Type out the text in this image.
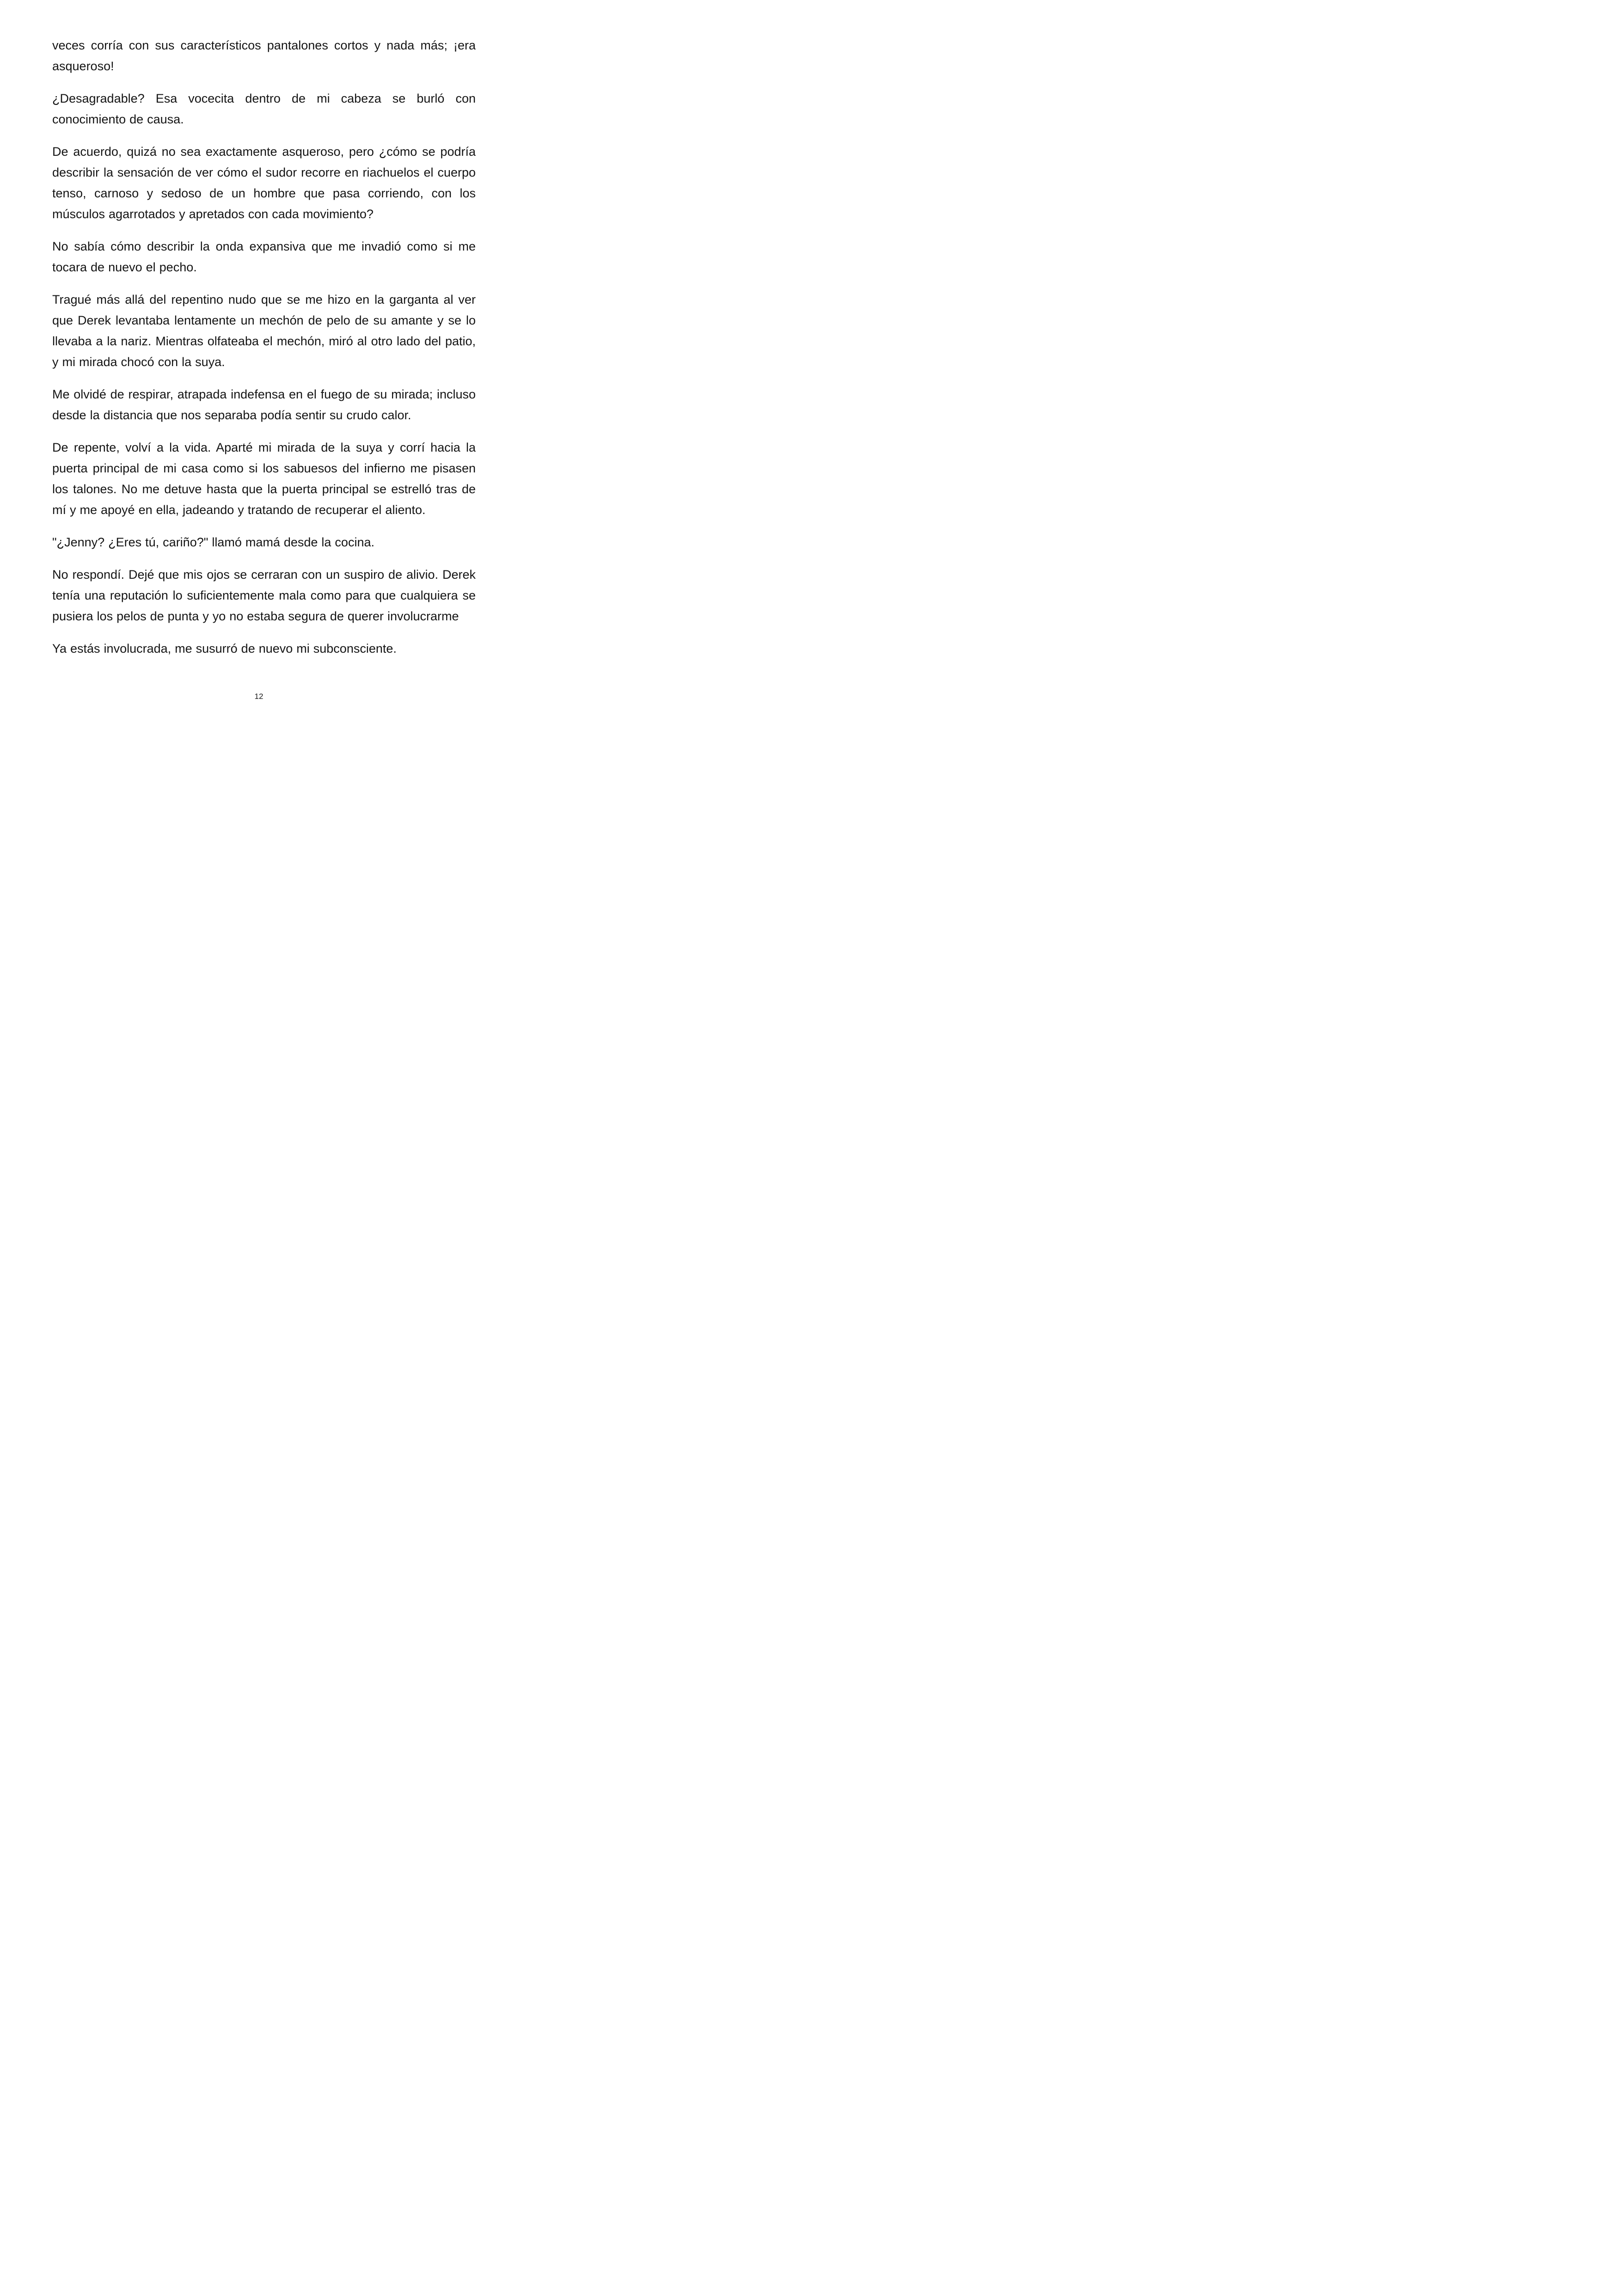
veces corría con sus característicos pantalones cortos y nada más; ¡era asqueroso!

¿Desagradable? Esa vocecita dentro de mi cabeza se burló con conocimiento de causa.

De acuerdo, quizá no sea exactamente asqueroso, pero ¿cómo se podría describir la sensación de ver cómo el sudor recorre en riachuelos el cuerpo tenso, carnoso y sedoso de un hombre que pasa corriendo, con los músculos agarrotados y apretados con cada movimiento?

No sabía cómo describir la onda expansiva que me invadió como si me tocara de nuevo el pecho.

Tragué más allá del repentino nudo que se me hizo en la garganta al ver que Derek levantaba lentamente un mechón de pelo de su amante y se lo llevaba a la nariz. Mientras olfateaba el mechón, miró al otro lado del patio, y mi mirada chocó con la suya.

Me olvidé de respirar, atrapada indefensa en el fuego de su mirada; incluso desde la distancia que nos separaba podía sentir su crudo calor.

De repente, volví a la vida. Aparté mi mirada de la suya y corrí hacia la puerta principal de mi casa como si los sabuesos del infierno me pisasen los talones. No me detuve hasta que la puerta principal se estrelló tras de mí y me apoyé en ella, jadeando y tratando de recuperar el aliento.

"¿Jenny? ¿Eres tú, cariño?" llamó mamá desde la cocina.

No respondí. Dejé que mis ojos se cerraran con un suspiro de alivio. Derek tenía una reputación lo suficientemente mala como para que cualquiera se pusiera los pelos de punta y yo no estaba segura de querer involucrarme

Ya estás involucrada, me susurró de nuevo mi subconsciente.

12
